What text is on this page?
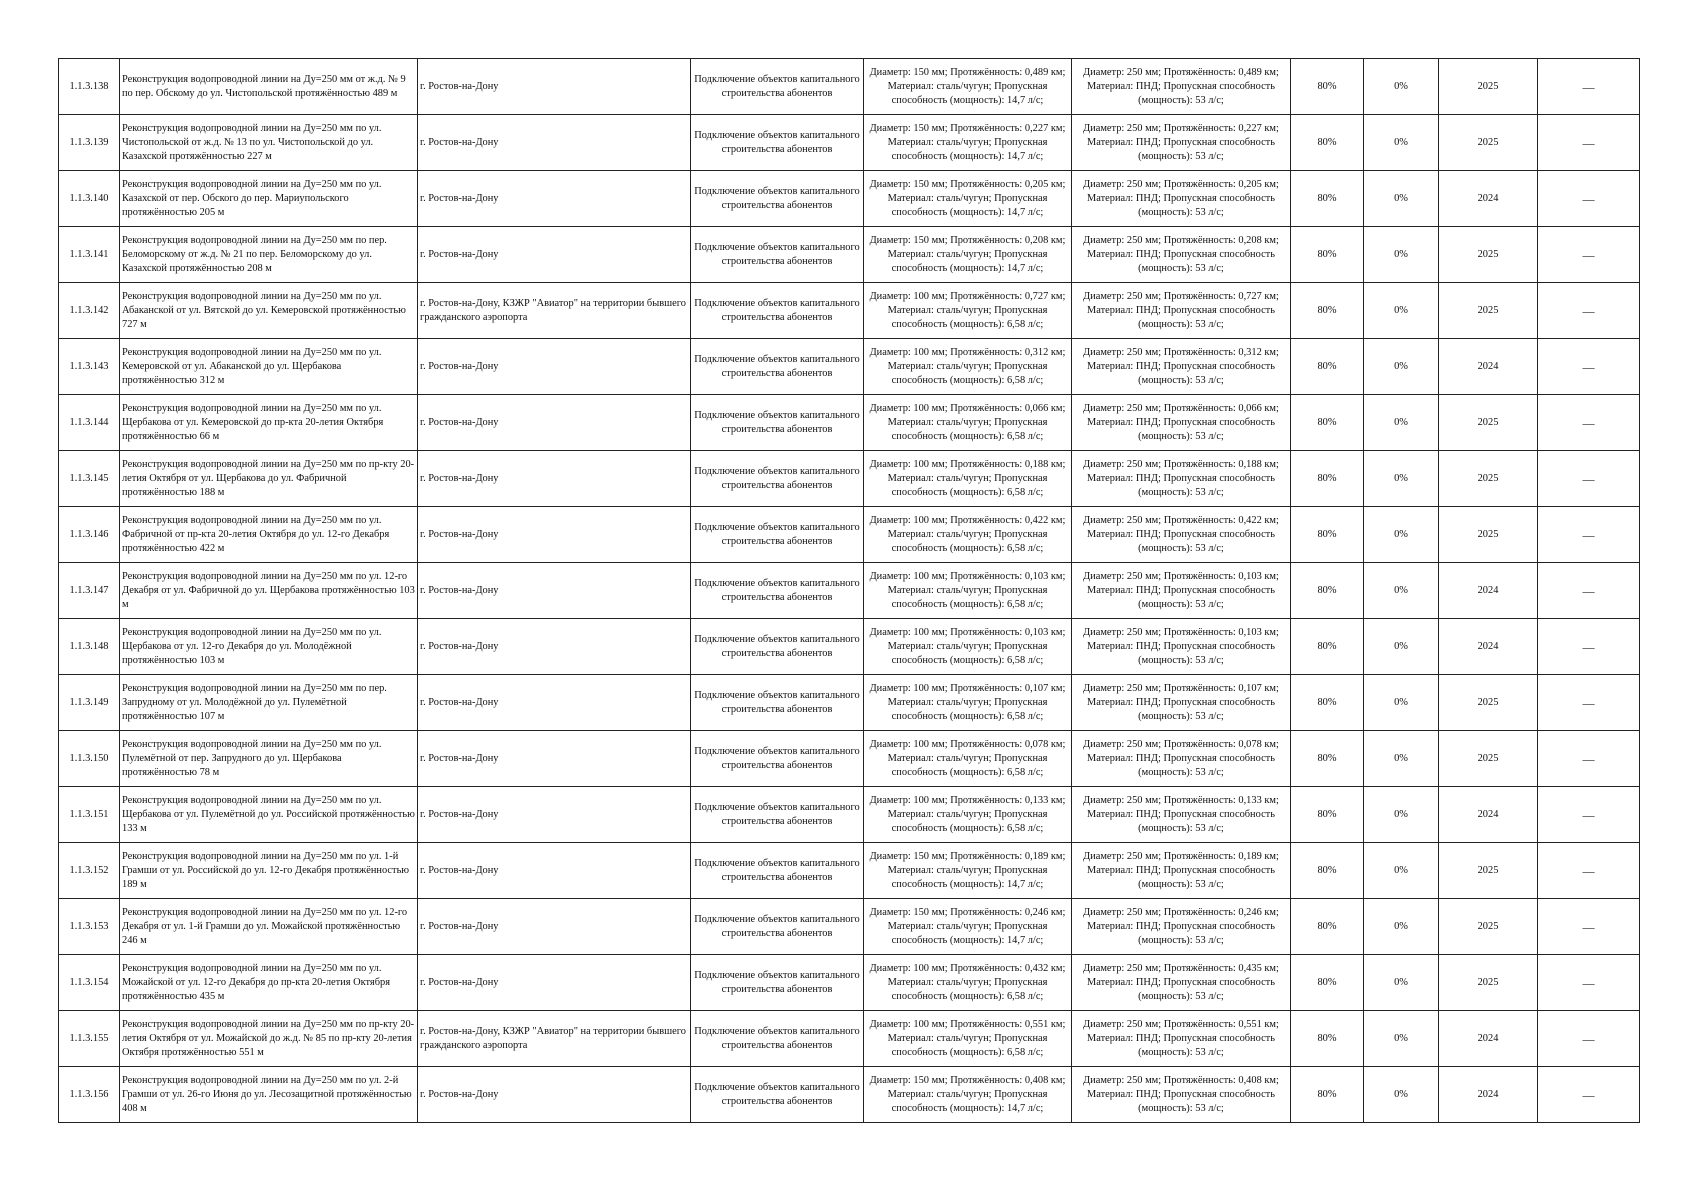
1.1.3.138	Реконструкция водопроводной линии на Ду=250 мм от ж.д. № 9 по пер. Обскому до ул. Чистопольской протяжённостью 489 м	г. Ростов-на-Дону	Подключение объектов капитального строительства абонентов	Диаметр: 150 мм; Протяжённость: 0,489 км; Материал: сталь/чугун; Пропускная способность (мощность): 14,7 л/с;	Диаметр: 250 мм; Протяжённость: 0,489 км; Материал: ПНД; Пропускная способность (мощность): 53 л/с;	80%	0%	2025	—
1.1.3.139	Реконструкция водопроводной линии на Ду=250 мм по ул. Чистопольской от ж.д. № 13 по ул. Чистопольской до ул. Казахской протяжённостью 227 м	г. Ростов-на-Дону	Подключение объектов капитального строительства абонентов	Диаметр: 150 мм; Протяжённость: 0,227 км; Материал: сталь/чугун; Пропускная способность (мощность): 14,7 л/с;	Диаметр: 250 мм; Протяжённость: 0,227 км; Материал: ПНД; Пропускная способность (мощность): 53 л/с;	80%	0%	2025	—
1.1.3.140	Реконструкция водопроводной линии на Ду=250 мм по ул. Казахской от пер. Обского до пер. Мариупольского протяжённостью 205 м	г. Ростов-на-Дону	Подключение объектов капитального строительства абонентов	Диаметр: 150 мм; Протяжённость: 0,205 км; Материал: сталь/чугун; Пропускная способность (мощность): 14,7 л/с;	Диаметр: 250 мм; Протяжённость: 0,205 км; Материал: ПНД; Пропускная способность (мощность): 53 л/с;	80%	0%	2024	—
1.1.3.141	Реконструкция водопроводной линии на Ду=250 мм по пер. Беломорскому от ж.д. № 21 по пер. Беломорскому до ул. Казахской протяжённостью 208 м	г. Ростов-на-Дону	Подключение объектов капитального строительства абонентов	Диаметр: 150 мм; Протяжённость: 0,208 км; Материал: сталь/чугун; Пропускная способность (мощность): 14,7 л/с;	Диаметр: 250 мм; Протяжённость: 0,208 км; Материал: ПНД; Пропускная способность (мощность): 53 л/с;	80%	0%	2025	—
1.1.3.142	Реконструкция водопроводной линии на Ду=250 мм по ул. Абаканской от ул. Вятской до ул. Кемеровской протяжённостью 727 м	г. Ростов-на-Дону, КЗЖР "Авиатор" на территории бывшего гражданского аэропорта	Подключение объектов капитального строительства абонентов	Диаметр: 100 мм; Протяжённость: 0,727 км; Материал: сталь/чугун; Пропускная способность (мощность): 6,58 л/с;	Диаметр: 250 мм; Протяжённость: 0,727 км; Материал: ПНД; Пропускная способность (мощность): 53 л/с;	80%	0%	2025	—
1.1.3.143	Реконструкция водопроводной линии на Ду=250 мм по ул. Кемеровской от ул. Абаканской до ул. Щербакова протяжённостью 312 м	г. Ростов-на-Дону	Подключение объектов капитального строительства абонентов	Диаметр: 100 мм; Протяжённость: 0,312 км; Материал: сталь/чугун; Пропускная способность (мощность): 6,58 л/с;	Диаметр: 250 мм; Протяжённость: 0,312 км; Материал: ПНД; Пропускная способность (мощность): 53 л/с;	80%	0%	2024	—
1.1.3.144	Реконструкция водопроводной линии на Ду=250 мм по ул. Щербакова от ул. Кемеровской до пр-кта 20-летия Октября протяжённостью 66 м	г. Ростов-на-Дону	Подключение объектов капитального строительства абонентов	Диаметр: 100 мм; Протяжённость: 0,066 км; Материал: сталь/чугун; Пропускная способность (мощность): 6,58 л/с;	Диаметр: 250 мм; Протяжённость: 0,066 км; Материал: ПНД; Пропускная способность (мощность): 53 л/с;	80%	0%	2025	—
1.1.3.145	Реконструкция водопроводной линии на Ду=250 мм по пр-кту 20-летия Октября от ул. Щербакова до ул. Фабричной протяжённостью 188 м	г. Ростов-на-Дону	Подключение объектов капитального строительства абонентов	Диаметр: 100 мм; Протяжённость: 0,188 км; Материал: сталь/чугун; Пропускная способность (мощность): 6,58 л/с;	Диаметр: 250 мм; Протяжённость: 0,188 км; Материал: ПНД; Пропускная способность (мощность): 53 л/с;	80%	0%	2025	—
1.1.3.146	Реконструкция водопроводной линии на Ду=250 мм по ул. Фабричной от пр-кта 20-летия Октября до ул. 12-го Декабря протяжённостью 422 м	г. Ростов-на-Дону	Подключение объектов капитального строительства абонентов	Диаметр: 100 мм; Протяжённость: 0,422 км; Материал: сталь/чугун; Пропускная способность (мощность): 6,58 л/с;	Диаметр: 250 мм; Протяжённость: 0,422 км; Материал: ПНД; Пропускная способность (мощность): 53 л/с;	80%	0%	2025	—
1.1.3.147	Реконструкция водопроводной линии на Ду=250 мм по ул. 12-го Декабря от ул. Фабричной до ул. Щербакова протяжённостью 103 м	г. Ростов-на-Дону	Подключение объектов капитального строительства абонентов	Диаметр: 100 мм; Протяжённость: 0,103 км; Материал: сталь/чугун; Пропускная способность (мощность): 6,58 л/с;	Диаметр: 250 мм; Протяжённость: 0,103 км; Материал: ПНД; Пропускная способность (мощность): 53 л/с;	80%	0%	2024	—
1.1.3.148	Реконструкция водопроводной линии на Ду=250 мм по ул. Щербакова от ул. 12-го Декабря до ул. Молодёжной протяжённостью 103 м	г. Ростов-на-Дону	Подключение объектов капитального строительства абонентов	Диаметр: 100 мм; Протяжённость: 0,103 км; Материал: сталь/чугун; Пропускная способность (мощность): 6,58 л/с;	Диаметр: 250 мм; Протяжённость: 0,103 км; Материал: ПНД; Пропускная способность (мощность): 53 л/с;	80%	0%	2024	—
1.1.3.149	Реконструкция водопроводной линии на Ду=250 мм по пер. Запрудному от ул. Молодёжной до ул. Пулемётной протяжённостью 107 м	г. Ростов-на-Дону	Подключение объектов капитального строительства абонентов	Диаметр: 100 мм; Протяжённость: 0,107 км; Материал: сталь/чугун; Пропускная способность (мощность): 6,58 л/с;	Диаметр: 250 мм; Протяжённость: 0,107 км; Материал: ПНД; Пропускная способность (мощность): 53 л/с;	80%	0%	2025	—
1.1.3.150	Реконструкция водопроводной линии на Ду=250 мм по ул. Пулемётной от пер. Запрудного до ул. Щербакова протяжённостью 78 м	г. Ростов-на-Дону	Подключение объектов капитального строительства абонентов	Диаметр: 100 мм; Протяжённость: 0,078 км; Материал: сталь/чугун; Пропускная способность (мощность): 6,58 л/с;	Диаметр: 250 мм; Протяжённость: 0,078 км; Материал: ПНД; Пропускная способность (мощность): 53 л/с;	80%	0%	2025	—
1.1.3.151	Реконструкция водопроводной линии на Ду=250 мм по ул. Щербакова от ул. Пулемётной до ул. Российской протяжённостью 133 м	г. Ростов-на-Дону	Подключение объектов капитального строительства абонентов	Диаметр: 100 мм; Протяжённость: 0,133 км; Материал: сталь/чугун; Пропускная способность (мощность): 6,58 л/с;	Диаметр: 250 мм; Протяжённость: 0,133 км; Материал: ПНД; Пропускная способность (мощность): 53 л/с;	80%	0%	2024	—
1.1.3.152	Реконструкция водопроводной линии на Ду=250 мм по ул. 1-й Грамши от ул. Российской до ул. 12-го Декабря протяжённостью 189 м	г. Ростов-на-Дону	Подключение объектов капитального строительства абонентов	Диаметр: 150 мм; Протяжённость: 0,189 км; Материал: сталь/чугун; Пропускная способность (мощность): 14,7 л/с;	Диаметр: 250 мм; Протяжённость: 0,189 км; Материал: ПНД; Пропускная способность (мощность): 53 л/с;	80%	0%	2025	—
1.1.3.153	Реконструкция водопроводной линии на Ду=250 мм по ул. 12-го Декабря от ул. 1-й Грамши до ул. Можайской протяжённостью 246 м	г. Ростов-на-Дону	Подключение объектов капитального строительства абонентов	Диаметр: 150 мм; Протяжённость: 0,246 км; Материал: сталь/чугун; Пропускная способность (мощность): 14,7 л/с;	Диаметр: 250 мм; Протяжённость: 0,246 км; Материал: ПНД; Пропускная способность (мощность): 53 л/с;	80%	0%	2025	—
1.1.3.154	Реконструкция водопроводной линии на Ду=250 мм по ул. Можайской от ул. 12-го Декабря до пр-кта 20-летия Октября протяжённостью 435 м	г. Ростов-на-Дону	Подключение объектов капитального строительства абонентов	Диаметр: 100 мм; Протяжённость: 0,432 км; Материал: сталь/чугун; Пропускная способность (мощность): 6,58 л/с;	Диаметр: 250 мм; Протяжённость: 0,435 км; Материал: ПНД; Пропускная способность (мощность): 53 л/с;	80%	0%	2025	—
1.1.3.155	Реконструкция водопроводной линии на Ду=250 мм по пр-кту 20-летия Октября от ул. Можайской до ж.д. № 85 по пр-кту 20-летия Октября протяжённостью 551 м	г. Ростов-на-Дону, КЗЖР "Авиатор" на территории бывшего гражданского аэропорта	Подключение объектов капитального строительства абонентов	Диаметр: 100 мм; Протяжённость: 0,551 км; Материал: сталь/чугун; Пропускная способность (мощность): 6,58 л/с;	Диаметр: 250 мм; Протяжённость: 0,551 км; Материал: ПНД; Пропускная способность (мощность): 53 л/с;	80%	0%	2024	—
1.1.3.156	Реконструкция водопроводной линии на Ду=250 мм по ул. 2-й Грамши от ул. 26-го Июня до ул. Лесозащитной протяжённостью 408 м	г. Ростов-на-Дону	Подключение объектов капитального строительства абонентов	Диаметр: 150 мм; Протяжённость: 0,408 км; Материал: сталь/чугун; Пропускная способность (мощность): 14,7 л/с;	Диаметр: 250 мм; Протяжённость: 0,408 км; Материал: ПНД; Пропускная способность (мощность): 53 л/с;	80%	0%	2024	—
